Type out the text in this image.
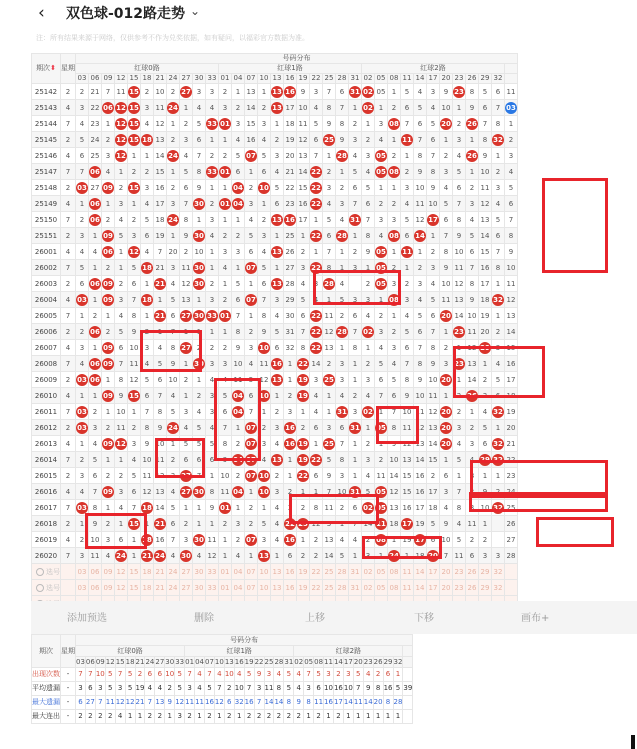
‹ 双色球-012路走势 ⌄
注：所有结果来源于网络，仅供参考不作为兑奖依据，如有疑问，以福彩官方数据为准。
期次⬍	星期	号码分布																																	
		红球0路											红球1路											红球2路											
		03	06	09	12	15	18	21	24	27	30	33	01	04	07	10	13	16	19	22	25	28	31	02	05	08	11	14	17	20	23	26	29	32	
25142	2	2	21	7	11	15	2	10	2	27	3	3	2	1	13	1	13	16	9	3	7	6	31	02	05	1	5	4	3	9	23	8	5	6	11
25143	4	3	22	06	12	15	3	11	24	1	4	4	3	2	14	2	13	17	10	4	8	7	1	02	1	2	6	5	4	10	1	9	6	7	03
25144	7	4	23	1	12	15	4	12	1	2	5	33	01	3	15	3	1	18	11	5	9	8	2	1	3	08	7	6	5	20	2	26	7	8	1
25145	2	5	24	2	12	15	18	13	2	3	6	1	1	4	16	4	2	19	12	6	25	9	3	2	4	1	11	7	6	1	3	1	8	32	2
25146	4	6	25	3	12	1	1	14	24	4	7	2	2	5	07	5	3	20	13	7	1	28	4	3	05	2	1	8	7	2	4	26	9	1	3
25147	7	7	06	4	1	2	2	15	1	5	8	33	01	6	1	6	4	21	14	22	2	1	5	4	05	08	2	9	8	3	5	1	10	2	4
25148	2	03	27	09	2	15	3	16	2	6	9	1	1	04	2	10	5	22	15	22	3	2	6	5	1	1	3	10	9	4	6	2	11	3	5
25149	4	1	06	1	3	1	4	17	3	7	30	2	01	04	3	1	6	23	16	22	4	3	7	6	2	2	4	11	10	5	7	3	12	4	6
25150	7	2	06	2	4	2	5	18	24	8	1	3	1	1	4	2	13	16	17	1	5	4	31	7	3	3	5	12	17	6	8	4	13	5	7
25151	2	3	1	09	5	3	6	19	1	9	30	4	2	2	5	3	1	25	1	22	6	28	1	8	4	08	6	14	1	7	9	5	14	6	8
26001	4	4	4	06	1	12	4	7	20	2	10	1	3	3	6	4	13	26	2	1	7	1	2	9	05	1	11	1	2	8	10	6	15	7	9
26002	7	5	1	2	1	5	18	21	3	11	30	1	4	1	07	5	1	27	3	22	8	1	3	1	05	2	1	2	3	9	11	7	16	8	10
26003	2	6	06	09	2	6	1	21	4	12	30	2	1	5	1	6	13	28	4	3	28	4		2	05	3	2	3	4	10	12	8	17	1	11
26004	4	03	1	09	3	7	18	1	5	13	1	3	2	6	07	7	3	29	5	4	1	5	3	3	1	08	3	4	5	11	13	9	18	32	12
26005	7	1	2	1	4	8	1	21	6	27	30	33	01	7	1	8	4	30	6	22	11	2	6	4	2	1	4	5	6	20	14	10	19	1	13
26006	2	2	06	2	5	9	2	1	7	1	1	1	1	8	2	9	5	31	7	22	12	28	7	02	3	2	5	6	7	1	23	11	20	2	14
26007	4	3	1	09	6	10	3	4	8	27	2	2	2	9	3	10	6	32	8	22	13	1	8	1	4	3	6	7	8	2	1	12	29	3	15
26008	7	4	06	09	7	11	4	5	9	1	30	3	3	10	4	11	16	1	22	14	2	3	1	2	5	4	7	8	9	3	23	13	1	4	16
26009	2	03	06	1	8	12	5	6	10	2	1	4	4	11	5	12	13	1	19	3	25	3	1	3	6	5	8	9	10	20	1	14	2	5	17
26010	4	1	1	09	9	15	6	7	4	1	2	3	5	04	6	10	1	2	19	4	1	4	2	4	7	6	9	10	11	1	2	26	3	6	18
26011	7	03	2	1	10	1	7	8	5	3	4	3	6	04	7	1	2	3	1	4	1	31	3	02	1	7	10	11	12	20	2	1	4	32	19
26012	2	03	3	2	11	2	8	9	24	4	5	4	7	1	07	2	3	16	2	6	3	6	31	1	05	8	11	12	13	20	3	2	5	1	20
26013	4	1	4	09	12	3	9	10	1	5	5	5	8	2	07	3	4	16	19	1	25	7	1	2	1	9	12	13	14	20	4	3	6	32	21
26014	7	2	5	1	1	4	10	11	2	6	6	6	9	04	07	4	13	1	19	22	5	8	1	3	2	10	13	14	15	1	5	4	29	32	22
26015	2	3	6	2	2	5	11	12	3	27	7	1	10	2	07	10	2	1	22	6	9	3	1	4	11	14	15	16	2	6	1	8	1	1	23
26016	4	4	7	09	3	6	12	13	4	27	30	8	11	04	1	10	3	2	1	1	7	10	31	5	05	12	15	16	17	3	7	2	9	2	24
26017	7	03	8	1	4	7	18	14	5	1	1	9	01	1	2	1	4	3	2	8	11	2	6	02	05	13	16	17	18	4	8	3	10	32	25
26018	2	1	9	2	1	15	1	21	6	2	1	1	2	3	2	5	4	22	25	12	3	1	7	14	11	18	17	19	5	9	4	11	1		26
26019	4	2	10	3	6	1	18	16	7	3	30	11	1	2	07	3	4	16	1	2	13	4	4	2	08	1	19	17	6	10	5	2	2		27
26020	7	3	11	4	24	1	21	24	4	30	4	12	1	4	1	13	1	6	2	2	14	5	1	3	1	24	1	18	20	7	11	6	3	3	28
选号		03	06	09	12	15	18	21	24	27	30	33	01	04	07	10	13	16	19	22	25	28	31	02	05	08	11	14	17	20	23	26	29	32	
选号		03	06	09	12	15	18	21	24	27	30	33	01	04	07	10	13	16	19	22	25	28	31	02	05	08	11	14	17	20	23	26	29	32	

添加预选	删除	上移	下移	画布+
期次	星期	号码分布																																	
		红球0路											红球1路											红球2路											
		03	06	09	12	15	18	21	24	27	30	33	01	04	07	10	13	16	19	22	25	28	31	02	05	08	11	14	17	20	23	26	29	32	
出现次数	-	7	7	10	5	7	5	2	6	6	10	5	7	4	7	4	10	4	5	9	3	4	5	4	7	5	3	2	3	5	4	2	6	1	
平均遗漏	-	3	6	3	5	3	5	19	4	4	2	5	3	4	5	7	2	10	7	3	11	8	5	4	3	6	10	16	10	7	9	8	16	5	39
最大遗漏	-	6	27	7	11	12	12	21	7	13	9	12	11	11	16	12	6	32	16	7	14	14	8	9	8	11	16	17	14	11	14	20	8	28	
最大连出	-	2	2	2	2	4	1	1	2	2	1	3	2	1	2	1	2	1	2	2	2	2	2	2	1	2	1	2	1	1	1	1	1	1	
